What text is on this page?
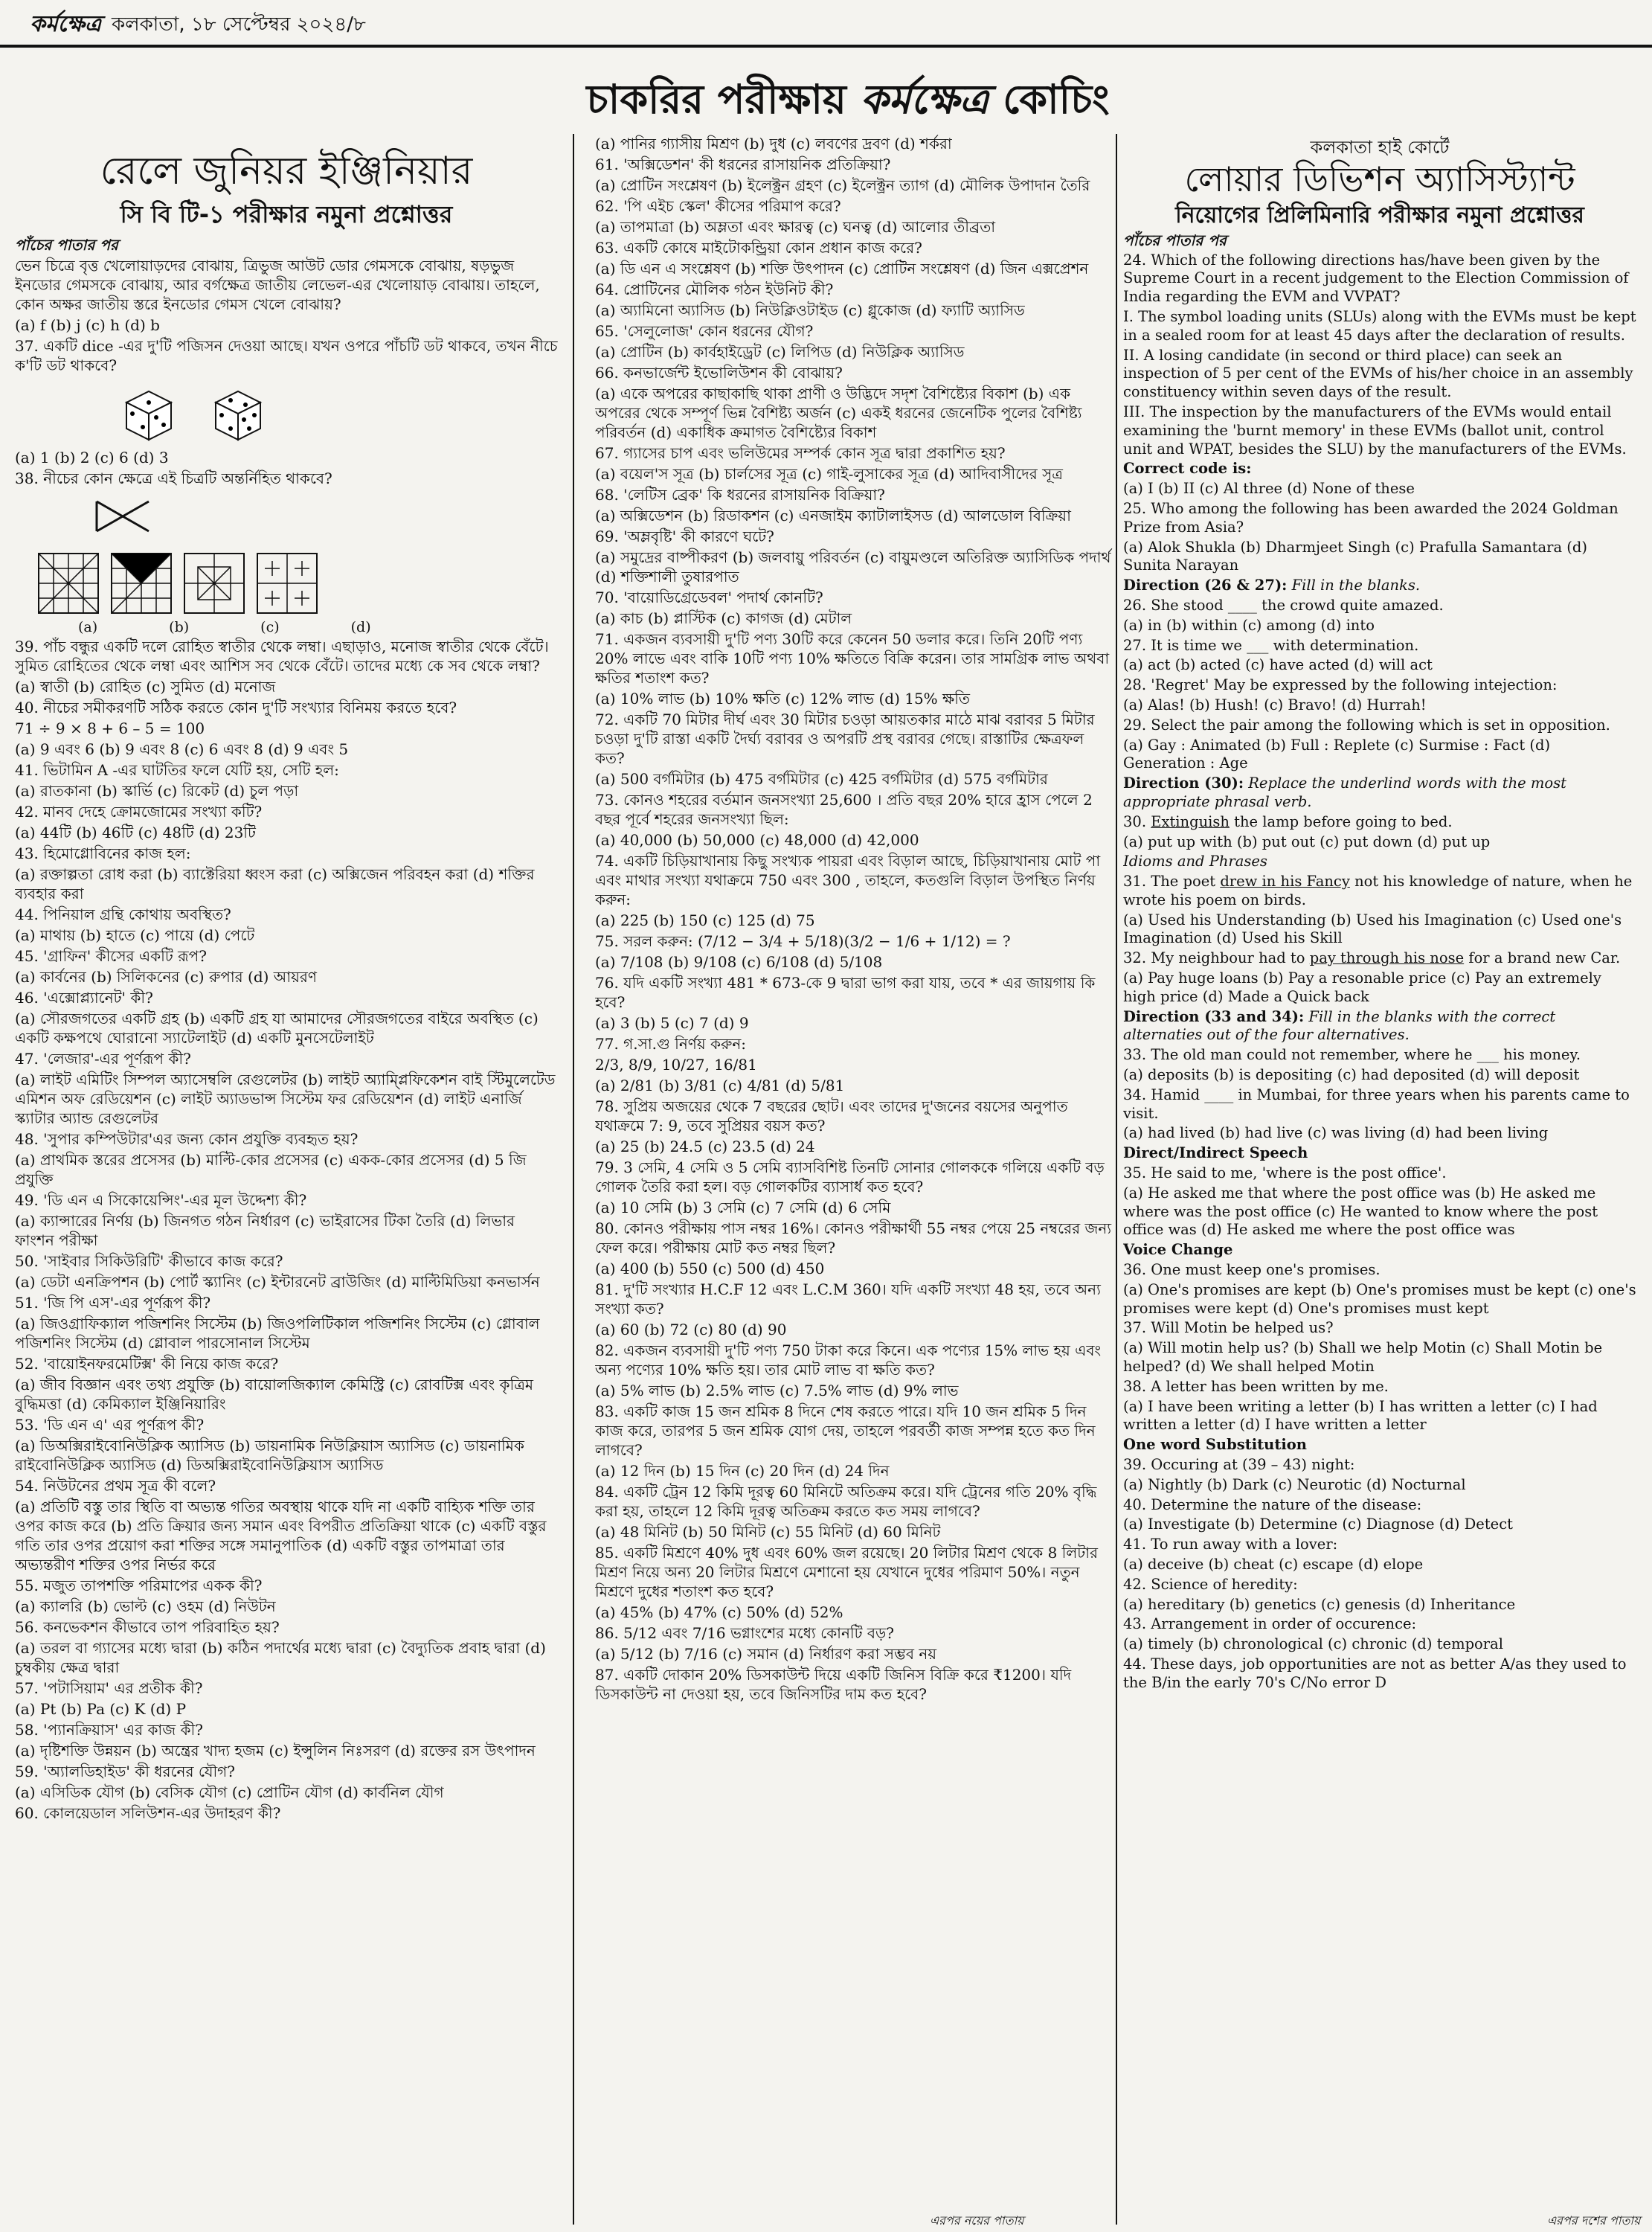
কর্মক্ষেত্র কলকাতা, ১৮ সেপ্টেম্বর ২০২৪/৮
চাকরির পরীক্ষায় কর্মক্ষেত্র কোচিং

রেলে জুনিয়র ইঞ্জিনিয়ার

সি বি টি-১ পরীক্ষার নমুনা প্রশ্নোত্তর

পাঁচের পাতার পর

ভেন চিত্রে বৃত্ত খেলোয়াড়দের বোঝায়, ত্রিভুজ আউট ডোর গেমসকে বোঝায়, ষড়ভুজ ইনডোর গেমসকে বোঝায়, আর বর্গক্ষেত্র জাতীয় লেভেল-এর খেলোয়াড় বোঝায়। তাহলে, কোন অক্ষর জাতীয় স্তরে ইনডোর গেমস খেলে বোঝায়?

(a) f (b) j (c) h (d) b

37. একটি dice -এর দু'টি পজিসন দেওয়া আছে। যখন ওপরে পাঁচটি ডট থাকবে, তখন নীচে ক'টি ডট থাকবে?

(a) 1 (b) 2 (c) 6 (d) 3

38. নীচের কোন ক্ষেত্রে এই চিত্রটি অন্তর্নিহিত থাকবে?

(a)	(b)	(c)	(d)

39. পাঁচ বন্ধুর একটি দলে রোহিত স্বাতীর থেকে লম্বা। এছাড়াও, মনোজ স্বাতীর থেকে বেঁটে। সুমিত রোহিতের থেকে লম্বা এবং আশিস সব থেকে বেঁটে। তাদের মধ্যে কে সব থেকে লম্বা?

(a) স্বাতী (b) রোহিত (c) সুমিত (d) মনোজ

40. নীচের সমীকরণটি সঠিক করতে কোন দু'টি সংখ্যার বিনিময় করতে হবে?

71 ÷ 9 × 8 + 6 – 5 = 100

(a) 9 এবং 6 (b) 9 এবং 8 (c) 6 এবং 8 (d) 9 এবং 5

41. ভিটামিন A -এর ঘাটতির ফলে যেটি হয়, সেটি হল:

(a) রাতকানা (b) স্কার্ভি (c) রিকেট (d) চুল পড়া

42. মানব দেহে ক্রোমজোমের সংখ্যা কটি?

(a) 44টি (b) 46টি (c) 48টি (d) 23টি

43. হিমোগ্লোবিনের কাজ হল:

(a) রক্তাল্পতা রোধ করা (b) ব্যাক্টেরিয়া ধ্বংস করা (c) অক্সিজেন পরিবহন করা (d) শক্তির ব্যবহার করা

44. পিনিয়াল গ্রন্থি কোথায় অবস্থিত?

(a) মাথায় (b) হাতে (c) পায়ে (d) পেটে

45. 'গ্রাফিন' কীসের একটি রূপ?

(a) কার্বনের (b) সিলিকনের (c) রুপার (d) আয়রণ

46. 'এক্সোপ্ল্যানেট' কী?

(a) সৌরজগতের একটি গ্রহ (b) একটি গ্রহ যা আমাদের সৌরজগতের বাইরে অবস্থিত (c) একটি কক্ষপথে ঘোরানো স্যাটেলাইট (d) একটি মুনসেটেলাইট

47. 'লেজার'-এর পূর্ণরূপ কী?

(a) লাইট এমিটিং সিম্পল অ্যাসেম্বলি রেগুলেটর (b) লাইট অ্যাম্প্লিফিকেশন বাই স্টিমুলেটেড এমিশন অফ রেডিয়েশন (c) লাইট অ্যাডভান্স সিস্টেম ফর রেডিয়েশন (d) লাইট এনার্জি স্ক্যাটার অ্যান্ড রেগুলেটর

48. 'সুপার কম্পিউটার'এর জন্য কোন প্রযুক্তি ব্যবহৃত হয়?

(a) প্রাথমিক স্তরের প্রসেসর (b) মাল্টি-কোর প্রসেসর (c) একক-কোর প্রসেসর (d) 5 জি প্রযুক্তি

49. 'ডি এন এ সিকোয়েন্সিং'-এর মূল উদ্দেশ্য কী?

(a) ক্যান্সারের নির্ণয় (b) জিনগত গঠন নির্ধারণ (c) ভাইরাসের টিকা তৈরি (d) লিভার ফাংশন পরীক্ষা

50. 'সাইবার সিকিউরিটি' কীভাবে কাজ করে?

(a) ডেটা এনক্রিপশন (b) পোর্ট স্ক্যানিং (c) ইন্টারনেট ব্রাউজিং (d) মাল্টিমিডিয়া কনভার্সন

51. 'জি পি এস'-এর পূর্ণরূপ কী?

(a) জিওগ্রাফিক্যাল পজিশনিং সিস্টেম (b) জিওপলিটিকাল পজিশনিং সিস্টেম (c) গ্লোবাল পজিশনিং সিস্টেম (d) গ্লোবাল পারসোনাল সিস্টেম

52. 'বায়োইনফরমেটিক্স' কী নিয়ে কাজ করে?

(a) জীব বিজ্ঞান এবং তথ্য প্রযুক্তি (b) বায়োলজিক্যাল কেমিস্ট্রি (c) রোবটিক্স এবং কৃত্রিম বুদ্ধিমত্তা (d) কেমিক্যাল ইঞ্জিনিয়ারিং

53. 'ডি এন এ' এর পূর্ণরূপ কী?

(a) ডিঅক্সিরাইবোনিউক্লিক অ্যাসিড (b) ডায়নামিক নিউক্লিয়াস অ্যাসিড (c) ডায়নামিক রাইবোনিউক্লিক অ্যাসিড (d) ডিঅক্সিরাইবোনিউক্লিয়াস অ্যাসিড

54. নিউটনের প্রথম সূত্র কী বলে?

(a) প্রতিটি বস্তু তার স্থিতি বা অভ্যন্ত গতির অবস্থায় থাকে যদি না একটি বাহ্যিক শক্তি তার ওপর কাজ করে (b) প্রতি ক্রিয়ার জন্য সমান এবং বিপরীত প্রতিক্রিয়া থাকে (c) একটি বস্তুর গতি তার ওপর প্রয়োগ করা শক্তির সঙ্গে সমানুপাতিক (d) একটি বস্তুর তাপমাত্রা তার অভ্যন্তরীণ শক্তির ওপর নির্ভর করে

55. মজুত তাপশক্তি পরিমাপের একক কী?

(a) ক্যালরি (b) ভোল্ট (c) ওহম (d) নিউটন

56. কনভেকশন কীভাবে তাপ পরিবাহিত হয়?

(a) তরল বা গ্যাসের মধ্যে দ্বারা (b) কঠিন পদার্থের মধ্যে দ্বারা (c) বৈদ্যুতিক প্রবাহ দ্বারা (d) চুম্বকীয় ক্ষেত্র দ্বারা

57. 'পটাসিয়াম' এর প্রতীক কী?

(a) Pt (b) Pa (c) K (d) P

58. 'প্যানক্রিয়াস' এর কাজ কী?

(a) দৃষ্টিশক্তি উন্নয়ন (b) অন্ত্রের খাদ্য হজম (c) ইন্সুলিন নিঃসরণ (d) রক্তের রস উৎপাদন

59. 'অ্যালডিহাইড' কী ধরনের যৌগ?

(a) এসিডিক যৌগ (b) বেসিক যৌগ (c) প্রোটিন যৌগ (d) কার্বনিল যৌগ

60. কোলয়েডাল সলিউশন-এর উদাহরণ কী?

(a) পানির গ্যাসীয় মিশ্রণ (b) দুধ (c) লবণের দ্রবণ (d) শর্করা

61. 'অক্সিডেশন' কী ধরনের রাসায়নিক প্রতিক্রিয়া?

(a) প্রোটিন সংশ্লেষণ (b) ইলেক্ট্রন গ্রহণ (c) ইলেক্ট্রন ত্যাগ (d) মৌলিক উপাদান তৈরি

62. 'পি এইচ স্কেল' কীসের পরিমাপ করে?

(a) তাপমাত্রা (b) অম্লতা এবং ক্ষারত্ব (c) ঘনত্ব (d) আলোর তীব্রতা

63. একটি কোষে মাইটোকন্ড্রিয়া কোন প্রধান কাজ করে?

(a) ডি এন এ সংশ্লেষণ (b) শক্তি উৎপাদন (c) প্রোটিন সংশ্লেষণ (d) জিন এক্সপ্রেশন

64. প্রোটিনের মৌলিক গঠন ইউনিট কী?

(a) অ্যামিনো অ্যাসিড (b) নিউক্লিওটাইড (c) গ্লুকোজ (d) ফ্যাটি অ্যাসিড

65. 'সেলুলোজ' কোন ধরনের যৌগ?

(a) প্রোটিন (b) কার্বহাইড্রেট (c) লিপিড (d) নিউক্লিক অ্যাসিড

66. কনভার্জেন্ট ইভোলিউশন কী বোঝায়?

(a) একে অপরের কাছাকাছি থাকা প্রাণী ও উদ্ভিদে সদৃশ বৈশিষ্ট্যের বিকাশ (b) এক অপরের থেকে সম্পূর্ণ ভিন্ন বৈশিষ্ট্য অর্জন (c) একই ধরনের জেনেটিক পুলের বৈশিষ্ট্য পরিবর্তন (d) একাধিক ক্রমাগত বৈশিষ্ট্যের বিকাশ

67. গ্যাসের চাপ এবং ভলিউমের সম্পর্ক কোন সূত্র দ্বারা প্রকাশিত হয়?

(a) বয়েল'স সূত্র (b) চার্লসের সূত্র (c) গাই-লুসাকের সূত্র (d) আদিবাসীদের সূত্র

68. 'লেটিস ব্রেক' কি ধরনের রাসায়নিক বিক্রিয়া?

(a) অক্সিডেশন (b) রিডাকশন (c) এনজাইম ক্যাটালাইসড (d) আলডোল বিক্রিয়া

69. 'অম্লবৃষ্টি' কী কারণে ঘটে?

(a) সমুদ্রের বাষ্পীকরণ (b) জলবায়ু পরিবর্তন (c) বায়ুমণ্ডলে অতিরিক্ত অ্যাসিডিক পদার্থ (d) শক্তিশালী তুষারপাত

70. 'বায়োডিগ্রেডেবল' পদার্থ কোনটি?

(a) কাচ (b) প্লাস্টিক (c) কাগজ (d) মেটাল

71. একজন ব্যবসায়ী দু'টি পণ্য 30টি করে কেনেন 50 ডলার করে। তিনি 20টি পণ্য 20% লাভে এবং বাকি 10টি পণ্য 10% ক্ষতিতে বিক্রি করেন। তার সামগ্রিক লাভ অথবা ক্ষতির শতাংশ কত?

(a) 10% লাভ (b) 10% ক্ষতি (c) 12% লাভ (d) 15% ক্ষতি

72. একটি 70 মিটার দীর্ঘ এবং 30 মিটার চওড়া আয়তকার মাঠে মাঝ বরাবর 5 মিটার চওড়া দু'টি রাস্তা একটি দৈর্ঘ্য বরাবর ও অপরটি প্রস্থ বরাবর গেছে। রাস্তাটির ক্ষেত্রফল কত?

(a) 500 বর্গমিটার (b) 475 বর্গমিটার (c) 425 বর্গমিটার (d) 575 বর্গমিটার

73. কোনও শহরের বর্তমান জনসংখ্যা 25,600 । প্রতি বছর 20% হারে হ্রাস পেলে 2 বছর পূর্বে শহরের জনসংখ্যা ছিল:

(a) 40,000 (b) 50,000 (c) 48,000 (d) 42,000

74. একটি চিড়িয়াখানায় কিছু সংখ্যক পায়রা এবং বিড়াল আছে, চিড়িয়াখানায় মোট পা এবং মাথার সংখ্যা যথাক্রমে 750 এবং 300 , তাহলে, কতগুলি বিড়াল উপস্থিত নির্ণয় করুন:

(a) 225 (b) 150 (c) 125 (d) 75

75. সরল করুন: (7/12 − 3/4 + 5/18)(3/2 − 1/6 + 1/12) = ?

(a) 7/108 (b) 9/108 (c) 6/108 (d) 5/108

76. যদি একটি সংখ্যা 481 * 673-কে 9 দ্বারা ভাগ করা যায়, তবে * এর জায়গায় কি হবে?

(a) 3 (b) 5 (c) 7 (d) 9

77. গ.সা.গু নির্ণয় করুন:

2/3, 8/9, 10/27, 16/81

(a) 2/81 (b) 3/81 (c) 4/81 (d) 5/81

78. সুপ্রিয় অজয়ের থেকে 7 বছরের ছোট। এবং তাদের দু'জনের বয়সের অনুপাত যথাক্রমে 7: 9, তবে সুপ্রিয়র বয়স কত?

(a) 25 (b) 24.5 (c) 23.5 (d) 24

79. 3 সেমি, 4 সেমি ও 5 সেমি ব্যাসবিশিষ্ট তিনটি সোনার গোলককে গলিয়ে একটি বড় গোলক তৈরি করা হল। বড় গোলকটির ব্যাসার্ধ কত হবে?

(a) 10 সেমি (b) 3 সেমি (c) 7 সেমি (d) 6 সেমি

80. কোনও পরীক্ষায় পাস নম্বর 16%। কোনও পরীক্ষার্থী 55 নম্বর পেয়ে 25 নম্বরের জন্য ফেল করে। পরীক্ষায় মোট কত নম্বর ছিল?

(a) 400 (b) 550 (c) 500 (d) 450

81. দু'টি সংখ্যার H.C.F 12 এবং L.C.M 360। যদি একটি সংখ্যা 48 হয়, তবে অন্য সংখ্যা কত?

(a) 60 (b) 72 (c) 80 (d) 90

82. একজন ব্যবসায়ী দু'টি পণ্য 750 টাকা করে কিনে। এক পণ্যের 15% লাভ হয় এবং অন্য পণ্যের 10% ক্ষতি হয়। তার মোট লাভ বা ক্ষতি কত?

(a) 5% লাভ (b) 2.5% লাভ (c) 7.5% লাভ (d) 9% লাভ

83. একটি কাজ 15 জন শ্রমিক 8 দিনে শেষ করতে পারে। যদি 10 জন শ্রমিক 5 দিন কাজ করে, তারপর 5 জন শ্রমিক যোগ দেয়, তাহলে পরবর্তী কাজ সম্পন্ন হতে কত দিন লাগবে?

(a) 12 দিন (b) 15 দিন (c) 20 দিন (d) 24 দিন

84. একটি ট্রেন 12 কিমি দূরত্ব 60 মিনিটে অতিক্রম করে। যদি ট্রেনের গতি 20% বৃদ্ধি করা হয়, তাহলে 12 কিমি দূরত্ব অতিক্রম করতে কত সময় লাগবে?

(a) 48 মিনিট (b) 50 মিনিট (c) 55 মিনিট (d) 60 মিনিট

85. একটি মিশ্রণে 40% দুধ এবং 60% জল রয়েছে। 20 লিটার মিশ্রণ থেকে 8 লিটার মিশ্রণ নিয়ে অন্য 20 লিটার মিশ্রণে মেশানো হয় যেখানে দুধের পরিমাণ 50%। নতুন মিশ্রণে দুধের শতাংশ কত হবে?

(a) 45% (b) 47% (c) 50% (d) 52%

86. 5/12 এবং 7/16 ভগ্নাংশের মধ্যে কোনটি বড়?

(a) 5/12 (b) 7/16 (c) সমান (d) নির্ধারণ করা সম্ভব নয়

87. একটি দোকান 20% ডিসকাউন্ট দিয়ে একটি জিনিস বিক্রি করে ₹1200। যদি ডিসকাউন্ট না দেওয়া হয়, তবে জিনিসটির দাম কত হবে?

এরপর নয়ের পাতায়

কলকাতা হাই কোর্টে

লোয়ার ডিভিশন অ্যাসিস্ট্যান্ট

নিয়োগের প্রিলিমিনারি পরীক্ষার নমুনা প্রশ্নোত্তর

পাঁচের পাতার পর

24. Which of the following directions has/have been given by the Supreme Court in a recent judgement to the Election Commission of India regarding the EVM and VVPAT?

I. The symbol loading units (SLUs) along with the EVMs must be kept in a sealed room for at least 45 days after the declaration of results.

II. A losing candidate (in second or third place) can seek an inspection of 5 per cent of the EVMs of his/her choice in an assembly constituency within seven days of the result.

III. The inspection by the manufacturers of the EVMs would entail examining the 'burnt memory' in these EVMs (ballot unit, control unit and WPAT, besides the SLU) by the manufacturers of the EVMs.

Correct code is:

(a) I (b) II (c) Al three (d) None of these

25. Who among the following has been awarded the 2024 Goldman Prize from Asia?

(a) Alok Shukla (b) Dharmjeet Singh (c) Prafulla Samantara (d) Sunita Narayan

Direction (26 & 27): Fill in the blanks.

26. She stood ____ the crowd quite amazed.

(a) in (b) within (c) among (d) into

27. It is time we ___ with determination.

(a) act (b) acted (c) have acted (d) will act

28. 'Regret' May be expressed by the following intejection:

(a) Alas! (b) Hush! (c) Bravo! (d) Hurrah!

29. Select the pair among the following which is set in opposition.

(a) Gay : Animated (b) Full : Replete (c) Surmise : Fact (d) Generation : Age

Direction (30): Replace the underlind words with the most appropriate phrasal verb.

30. Extinguish the lamp before going to bed.

(a) put up with (b) put out (c) put down (d) put up

Idioms and Phrases

31. The poet drew in his Fancy not his knowledge of nature, when he wrote his poem on birds.

(a) Used his Understanding (b) Used his Imagination (c) Used one's Imagination (d) Used his Skill

32. My neighbour had to pay through his nose for a brand new Car.

(a) Pay huge loans (b) Pay a resonable price (c) Pay an extremely high price (d) Made a Quick back

Direction (33 and 34): Fill in the blanks with the correct alternaties out of the four alternatives.

33. The old man could not remember, where he ___ his money.

(a) deposits (b) is depositing (c) had deposited (d) will deposit

34. Hamid ____ in Mumbai, for three years when his parents came to visit.

(a) had lived (b) had live (c) was living (d) had been living

Direct/Indirect Speech

35. He said to me, 'where is the post office'.

(a) He asked me that where the post office was (b) He asked me where was the post office (c) He wanted to know where the post office was (d) He asked me where the post office was

Voice Change

36. One must keep one's promises.

(a) One's promises are kept (b) One's promises must be kept (c) one's promises were kept (d) One's promises must kept

37. Will Motin be helped us?

(a) Will motin help us? (b) Shall we help Motin (c) Shall Motin be helped? (d) We shall helped Motin

38. A letter has been written by me.

(a) I have been writing a letter (b) I has written a letter (c) I had written a letter (d) I have written a letter

One word Substitution

39. Occuring at (39 – 43) night:

(a) Nightly (b) Dark (c) Neurotic (d) Nocturnal

40. Determine the nature of the disease:

(a) Investigate (b) Determine (c) Diagnose (d) Detect

41. To run away with a lover:

(a) deceive (b) cheat (c) escape (d) elope

42. Science of heredity:

(a) hereditary (b) genetics (c) genesis (d) Inheritance

43. Arrangement in order of occurence:

(a) timely (b) chronological (c) chronic (d) temporal

44. These days, job opportunities are not as better A/as they used to the B/in the early 70's C/No error D

এরপর দশের পাতায়
